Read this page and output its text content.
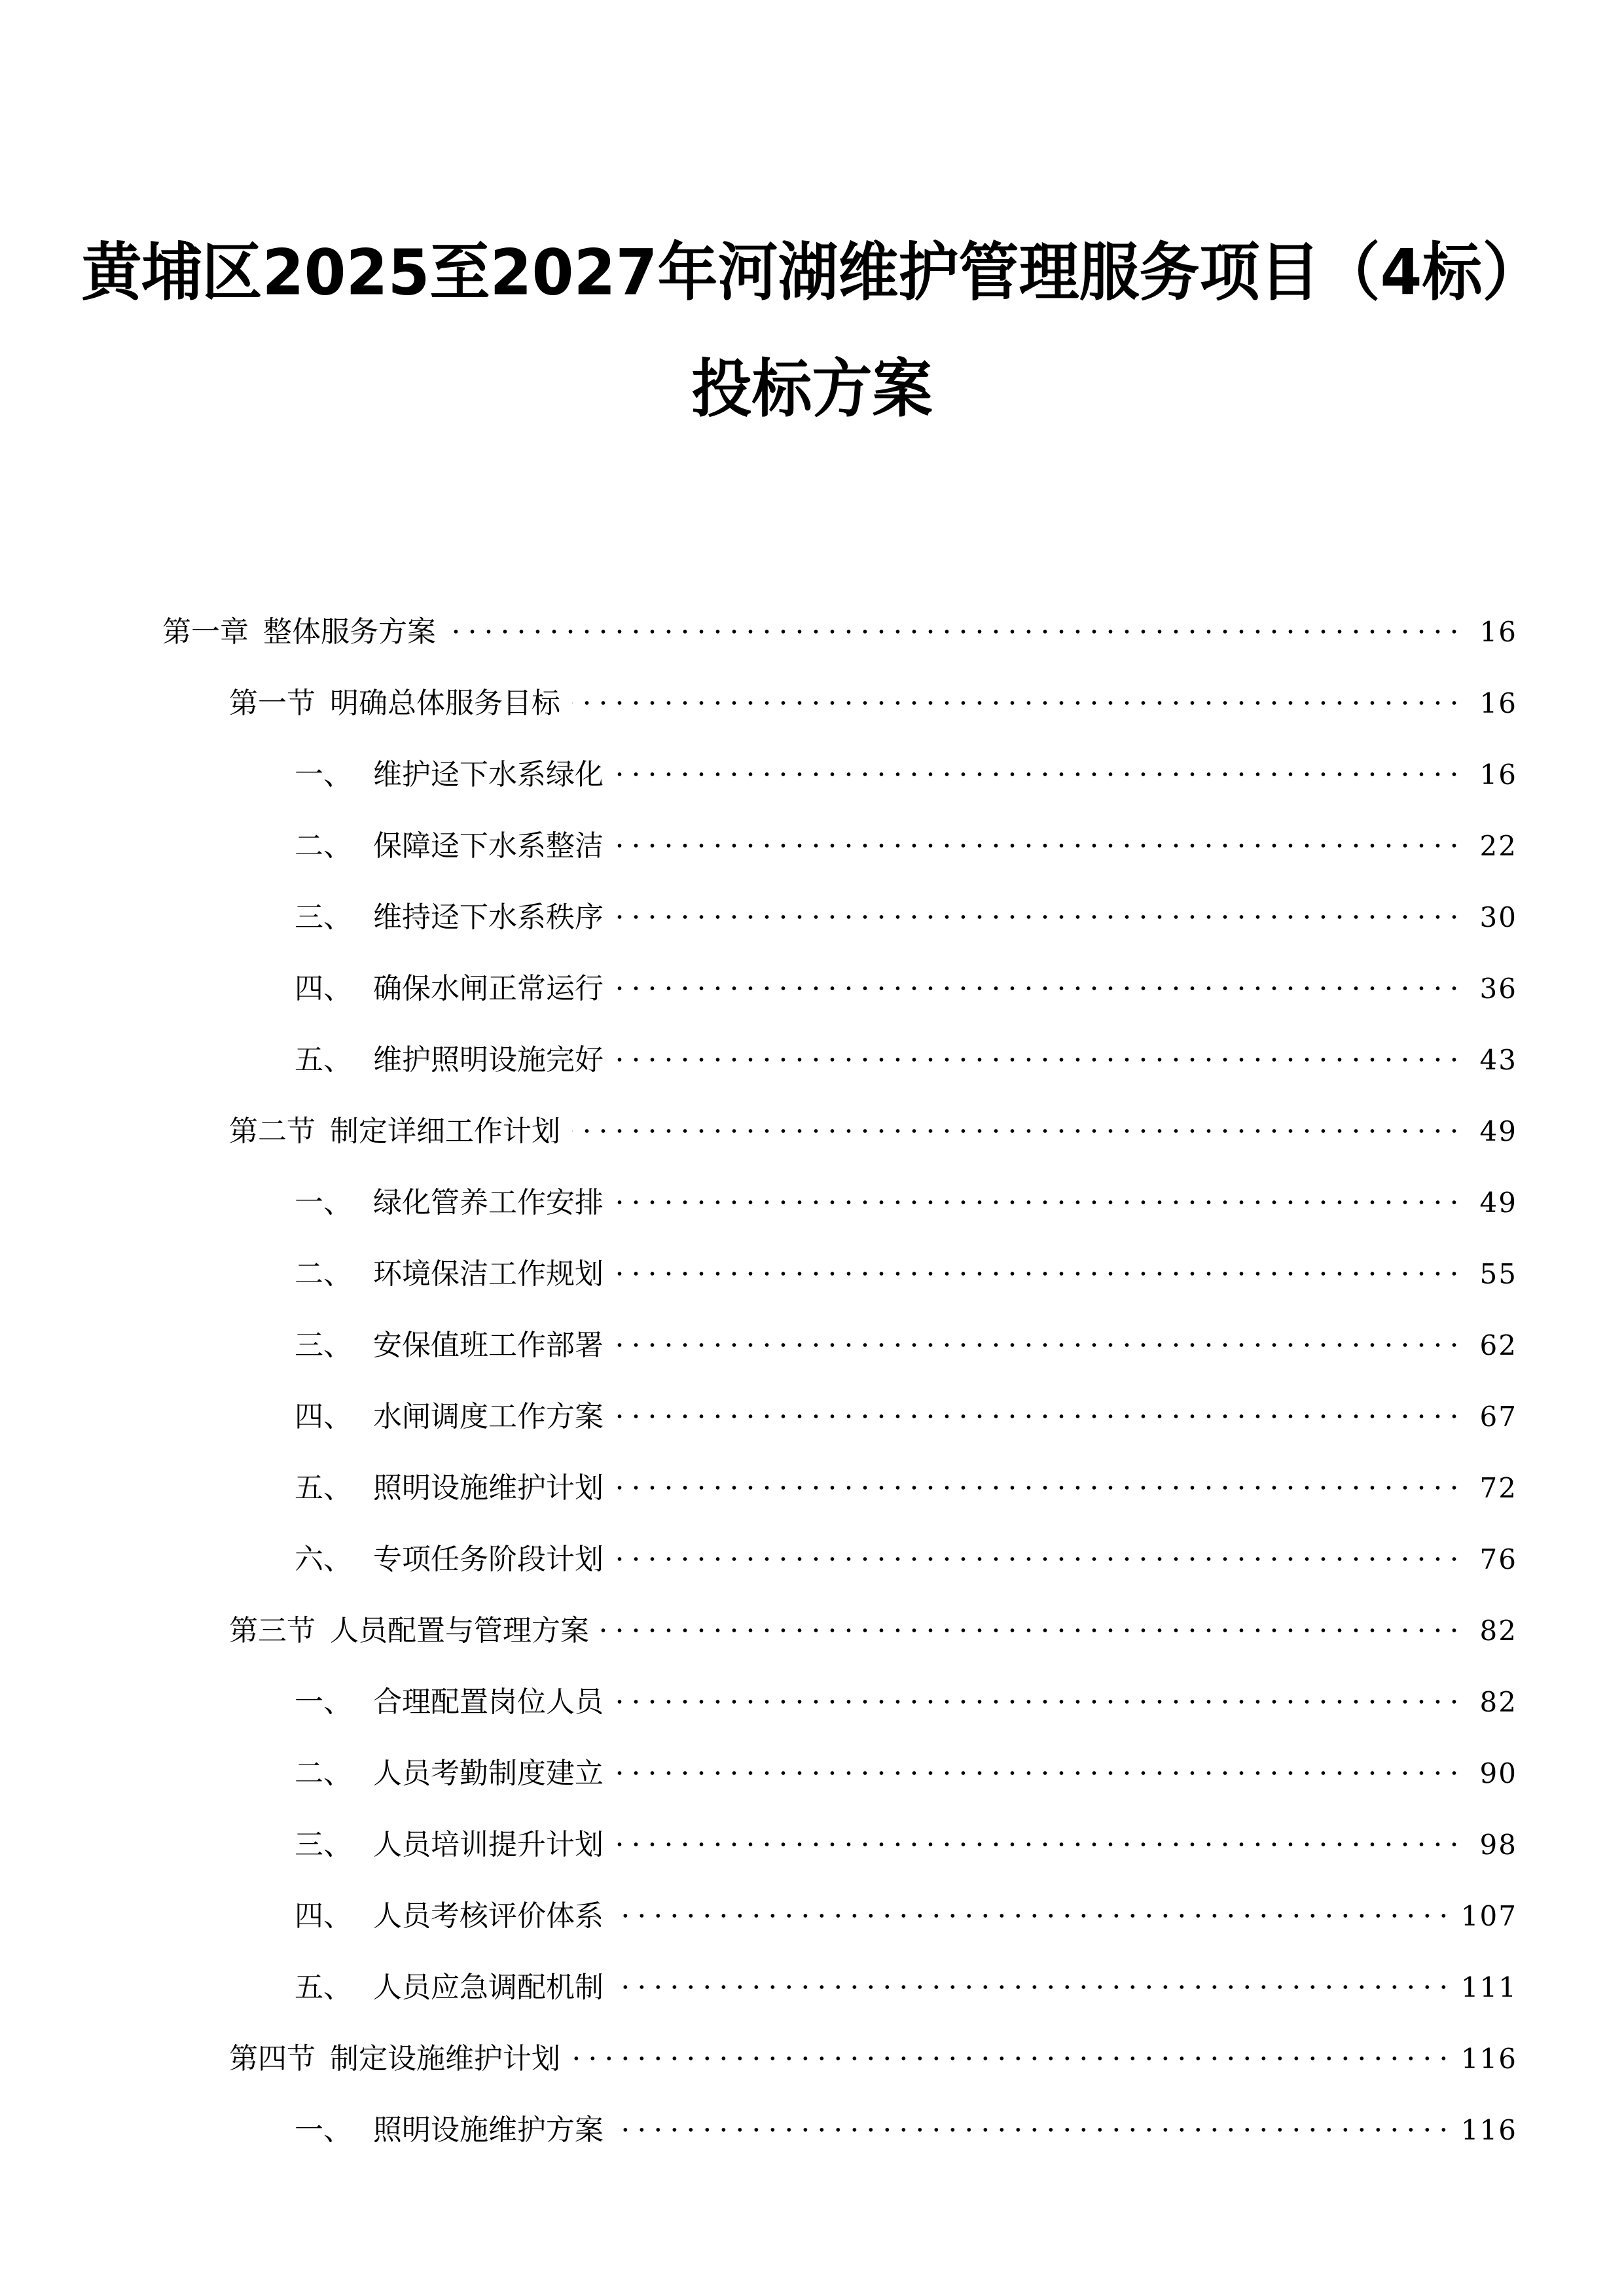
黄埔区2025至2027年河湖维护管理服务项目（4标）
投标方案
第一章 整体服务方案	16
第一节 明确总体服务目标	16
一、 维护迳下水系绿化	16
二、 保障迳下水系整洁	22
三、 维持迳下水系秩序	30
四、 确保水闸正常运行	36
五、 维护照明设施完好	43
第二节 制定详细工作计划	49
一、 绿化管养工作安排	49
二、 环境保洁工作规划	55
三、 安保值班工作部署	62
四、 水闸调度工作方案	67
五、 照明设施维护计划	72
六、 专项任务阶段计划	76
第三节 人员配置与管理方案	82
一、 合理配置岗位人员	82
二、 人员考勤制度建立	90
三、 人员培训提升计划	98
四、 人员考核评价体系	107
五、 人员应急调配机制	111
第四节 制定设施维护计划	116
一、 照明设施维护方案	116
